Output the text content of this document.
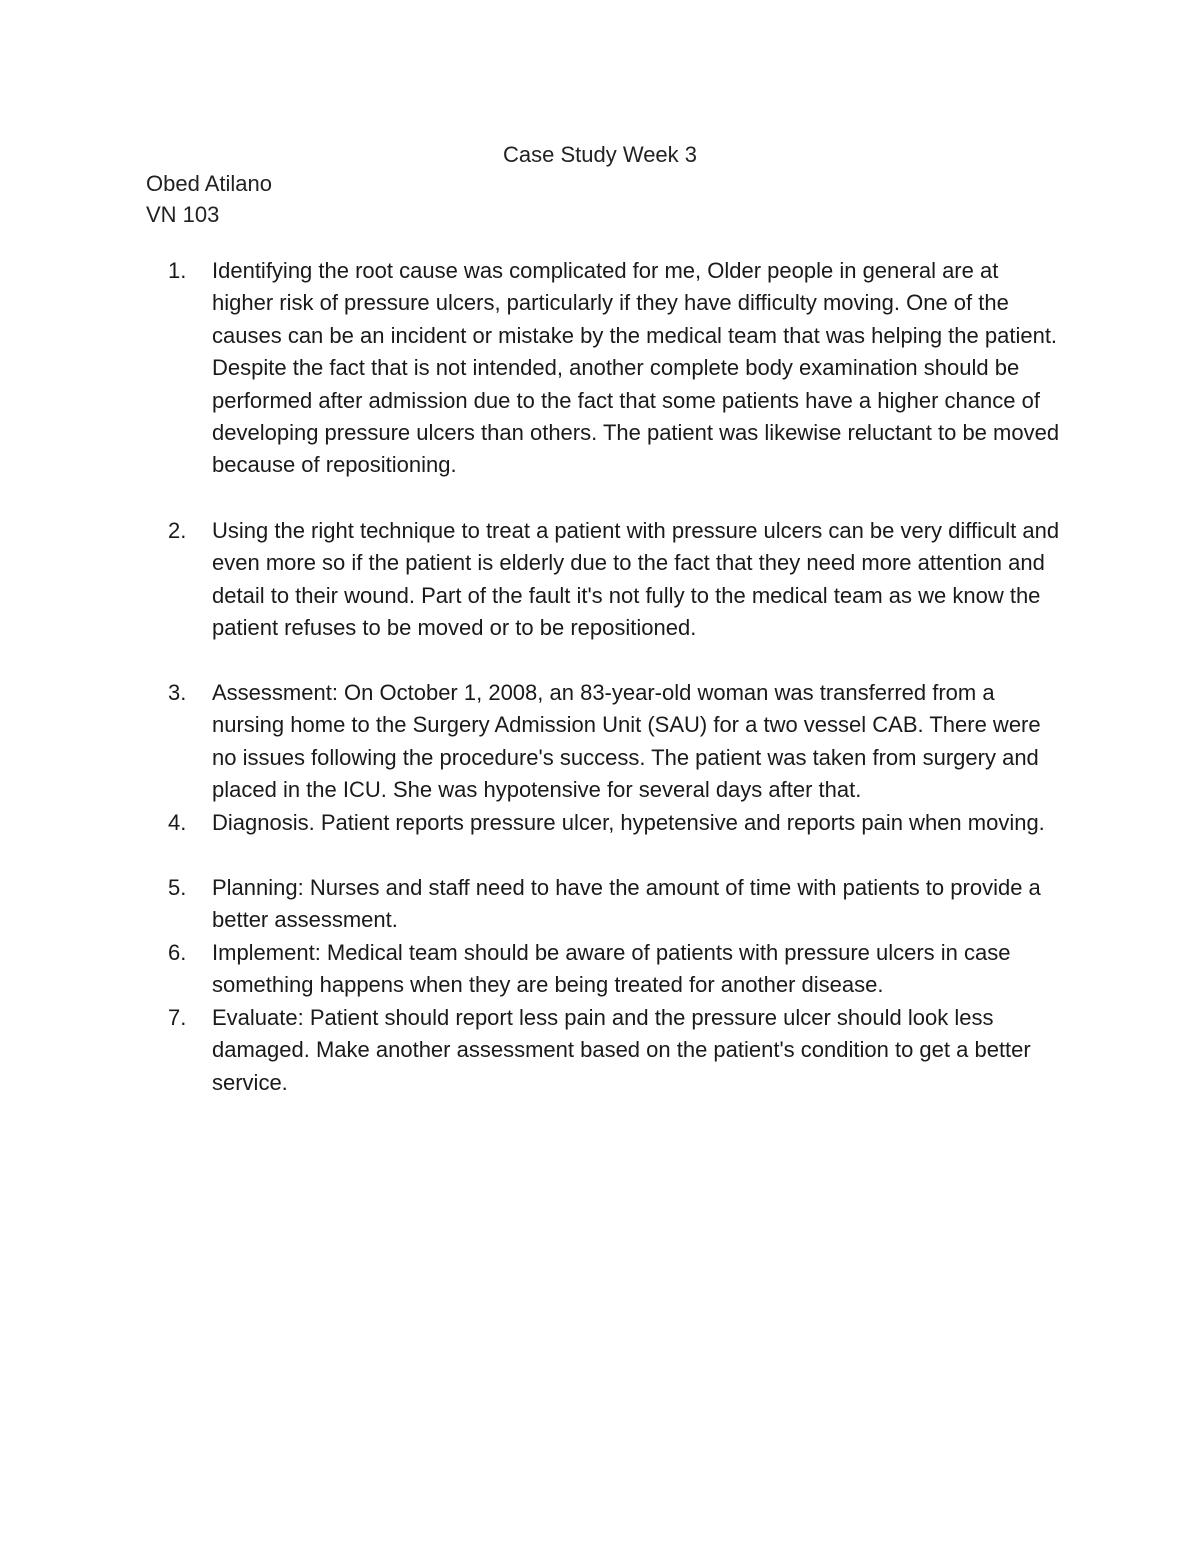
Case Study Week 3
Obed Atilano
VN 103
1.	Identifying the root cause was complicated for me, Older people in general are at higher risk of pressure ulcers, particularly if they have difficulty moving. One of the causes can be an incident or mistake by the medical team that was helping the patient. Despite the fact that is not intended, another complete body examination should be performed after admission due to the fact that some patients have a higher chance of developing pressure ulcers than others. The patient was likewise reluctant to be moved because of repositioning.
2.	Using the right technique to treat a patient with pressure ulcers can be very difficult and even more so if the patient is elderly due to the fact that they need more attention and detail to their wound. Part of the fault it's not fully to the medical team as we know the patient refuses to be moved or to be repositioned.
3.	Assessment: On October 1, 2008, an 83-year-old woman was transferred from a nursing home to the Surgery Admission Unit (SAU) for a two vessel CAB. There were no issues following the procedure's success. The patient was taken from surgery and placed in the ICU. She was hypotensive for several days after that.
4.	Diagnosis. Patient reports pressure ulcer, hypetensive and reports pain when moving.
5.	Planning: Nurses and staff need to have the amount of time with patients to provide a better assessment.
6.	Implement: Medical team should be aware of patients with pressure ulcers in case something happens when they are being treated for another disease.
7.	Evaluate: Patient should report less pain and the pressure ulcer should look less damaged. Make another assessment based on the patient's condition to get a better service.
